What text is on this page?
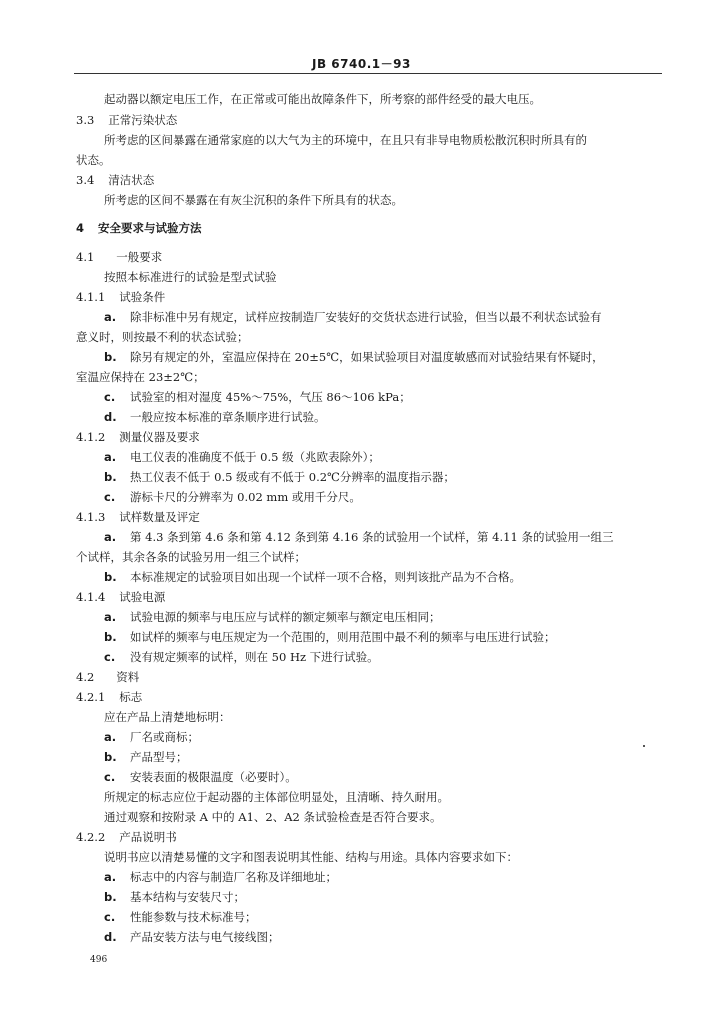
JB 6740.1－93
起动器以额定电压工作，在正常或可能出故障条件下，所考察的部件经受的最大电压。
3.3 正常污染状态
所考虑的区间暴露在通常家庭的以大气为主的环境中，在且只有非导电物质松散沉积时所具有的
状态。
3.4 清洁状态
所考虑的区间不暴露在有灰尘沉积的条件下所具有的状态。
4 安全要求与试验方法
4.1 一般要求
按照本标准进行的试验是型式试验
4.1.1 试验条件
a. 除非标准中另有规定，试样应按制造厂安装好的交货状态进行试验，但当以最不利状态试验有
意义时，则按最不利的状态试验；
b. 除另有规定的外，室温应保持在 20±5℃，如果试验项目对温度敏感而对试验结果有怀疑时，
室温应保持在 23±2℃；
c. 试验室的相对湿度 45%～75%，气压 86～106 kPa；
d. 一般应按本标准的章条顺序进行试验。
4.1.2 测量仪器及要求
a. 电工仪表的准确度不低于 0.5 级（兆欧表除外）；
b. 热工仪表不低于 0.5 级或有不低于 0.2℃分辨率的温度指示器；
c. 游标卡尺的分辨率为 0.02 mm 或用千分尺。
4.1.3 试样数量及评定
a. 第 4.3 条到第 4.6 条和第 4.12 条到第 4.16 条的试验用一个试样，第 4.11 条的试验用一组三
个试样，其余各条的试验另用一组三个试样；
b. 本标准规定的试验项目如出现一个试样一项不合格，则判该批产品为不合格。
4.1.4 试验电源
a. 试验电源的频率与电压应与试样的额定频率与额定电压相同；
b. 如试样的频率与电压规定为一个范围的，则用范围中最不利的频率与电压进行试验；
c. 没有规定频率的试样，则在 50 Hz 下进行试验。
4.2 资料
4.2.1 标志
应在产品上清楚地标明：
a. 厂名或商标；
b. 产品型号；
c. 安装表面的极限温度（必要时）。
所规定的标志应位于起动器的主体部位明显处，且清晰、持久耐用。
通过观察和按附录 A 中的 A1、2、A2 条试验检查是否符合要求。
4.2.2 产品说明书
说明书应以清楚易懂的文字和图表说明其性能、结构与用途。具体内容要求如下：
a. 标志中的内容与制造厂名称及详细地址；
b. 基本结构与安装尺寸；
c. 性能参数与技术标准号；
d. 产品安装方法与电气接线图；
496
